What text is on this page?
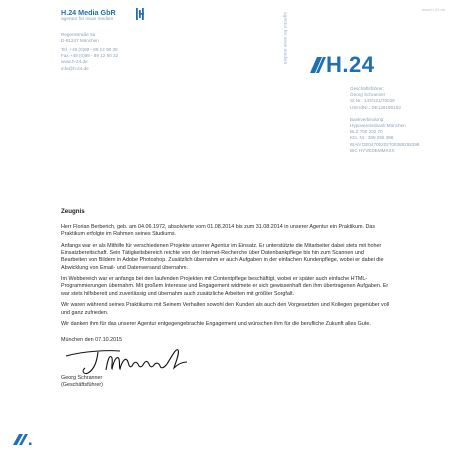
www.h-24.de
H.24 Media GbR
agentur für neue medien
Regentstraße 5a
D-81247 München
Tel. +49 (0)89 - 89 12 90 30
Fax +49 (0)89 - 89 12 90 32
www.h-24.de
info@h-24.de
agentur für neue medien
H.24
Geschäftsführer:
Georg Schranner
St.Nr.: 143/121/70029
USt-IdNr.: DE128180153
Bankverbindung:
Hypovereinsbank München
BLZ 700 202 70
Kto. Nr.: 389 255 398
IBAN DE04700202700389255398
BIC HYVEDEMMXXX
Zeugnis

Herr Florian Berberich, geb. am 04.06.1972, absolvierte vom 01.08.2014 bis zum 31.08.2014 in unserer Agentur ein Praktikum. Das Praktikum erfolgte im Rahmen seines Studiums.

Anfangs war er als Mithilfe für verschiedenen Projekte unserer Agentur im Einsatz. Er unterstützte die Mitarbeiter dabei stets mit hoher Einsatzbereitschaft. Sein Tätigkeitsbereich reichte von der Internet-Recherche über Datenbankpflege bis hin zum Scannen und Bearbeiten von Bildern in Adobe Photoshop. Zusätzlich übernahm er auch Aufgaben in der einfachen Kundenpflege, wobei er dabei die Abwicklung von Email- und Datenversand übernahm.

Im Webbereich war er anfangs bei den laufenden Projekten mit Contentpflege beschäftigt, wobei er später auch einfache HTML-Programmierungen übernahm. Mit großem Interesse und Engagement widmete er sich gewissenhaft den ihm übertragenen Aufgaben. Er war stets hilfsbereit und zuverlässig und übernahm auch zusätzliche Arbeiten mit größter Sorgfalt.

Wir waren während seines Praktikums mit Seinem Verhalten sowohl den Kunden als auch den Vorgesetzten und Kollegen gegenüber voll und ganz zufrieden.

Wir danken ihm für das unserer Agentur entgegengebrachte Engagement und wünschen ihm für die berufliche Zukunft alles Gute.

München den 07.10.2015
Georg Schranner
(Geschäftsführer)
